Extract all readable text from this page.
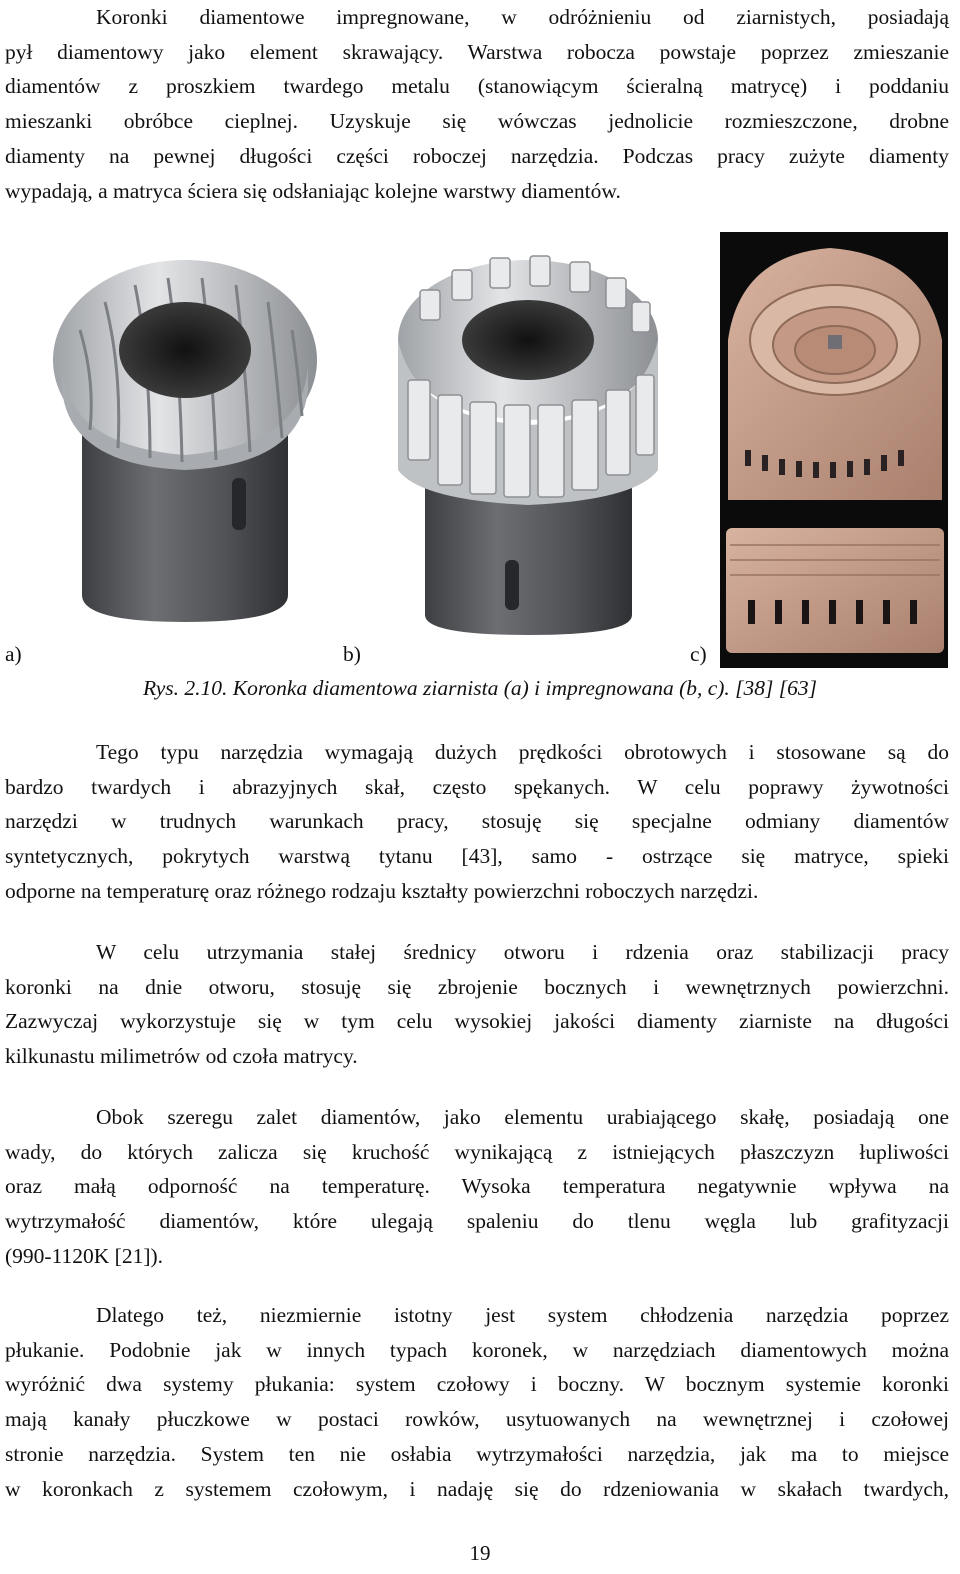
Koronki diamentowe impregnowane, w odróżnieniu od ziarnistych, posiadają
pył diamentowy jako element skrawający. Warstwa robocza powstaje poprzez zmieszanie
diamentów z proszkiem twardego metalu (stanowiącym ścieralną matrycę) i poddaniu
mieszanki obróbce cieplnej. Uzyskuje się wówczas jednolicie rozmieszczone, drobne
diamenty na pewnej długości części roboczej narzędzia. Podczas pracy zużyte diamenty
wypadają, a matryca ściera się odsłaniając kolejne warstwy diamentów.
a)	b)	c)
Rys. 2.10. Koronka diamentowa ziarnista (a) i impregnowana (b, c). [38] [63]
Tego typu narzędzia wymagają dużych prędkości obrotowych i stosowane są do
bardzo twardych i abrazyjnych skał, często spękanych. W celu poprawy żywotności
narzędzi w trudnych warunkach pracy, stosuję się specjalne odmiany diamentów
syntetycznych, pokrytych warstwą tytanu [43], samo - ostrzące się matryce, spieki
odporne na temperaturę oraz różnego rodzaju kształty powierzchni roboczych narzędzi.
W celu utrzymania stałej średnicy otworu i rdzenia oraz stabilizacji pracy
koronki na dnie otworu, stosuję się zbrojenie bocznych i wewnętrznych powierzchni.
Zazwyczaj wykorzystuje się w tym celu wysokiej jakości diamenty ziarniste na długości
kilkunastu milimetrów od czoła matrycy.
Obok szeregu zalet diamentów, jako elementu urabiającego skałę, posiadają one
wady, do których zalicza się kruchość wynikającą z istniejących płaszczyzn łupliwości
oraz małą odporność na temperaturę. Wysoka temperatura negatywnie wpływa na
wytrzymałość diamentów, które ulegają spaleniu do tlenu węgla lub grafityzacji
(990-1120K [21]).
Dlatego też, niezmiernie istotny jest system chłodzenia narzędzia poprzez
płukanie. Podobnie jak w innych typach koronek, w narzędziach diamentowych można
wyróżnić dwa systemy płukania: system czołowy i boczny. W bocznym systemie koronki
mają kanały płuczkowe w postaci rowków, usytuowanych na wewnętrznej i czołowej
stronie narzędzia. System ten nie osłabia wytrzymałości narzędzia, jak ma to miejsce
w koronkach z systemem czołowym, i nadaję się do rdzeniowania w skałach twardych,
19
